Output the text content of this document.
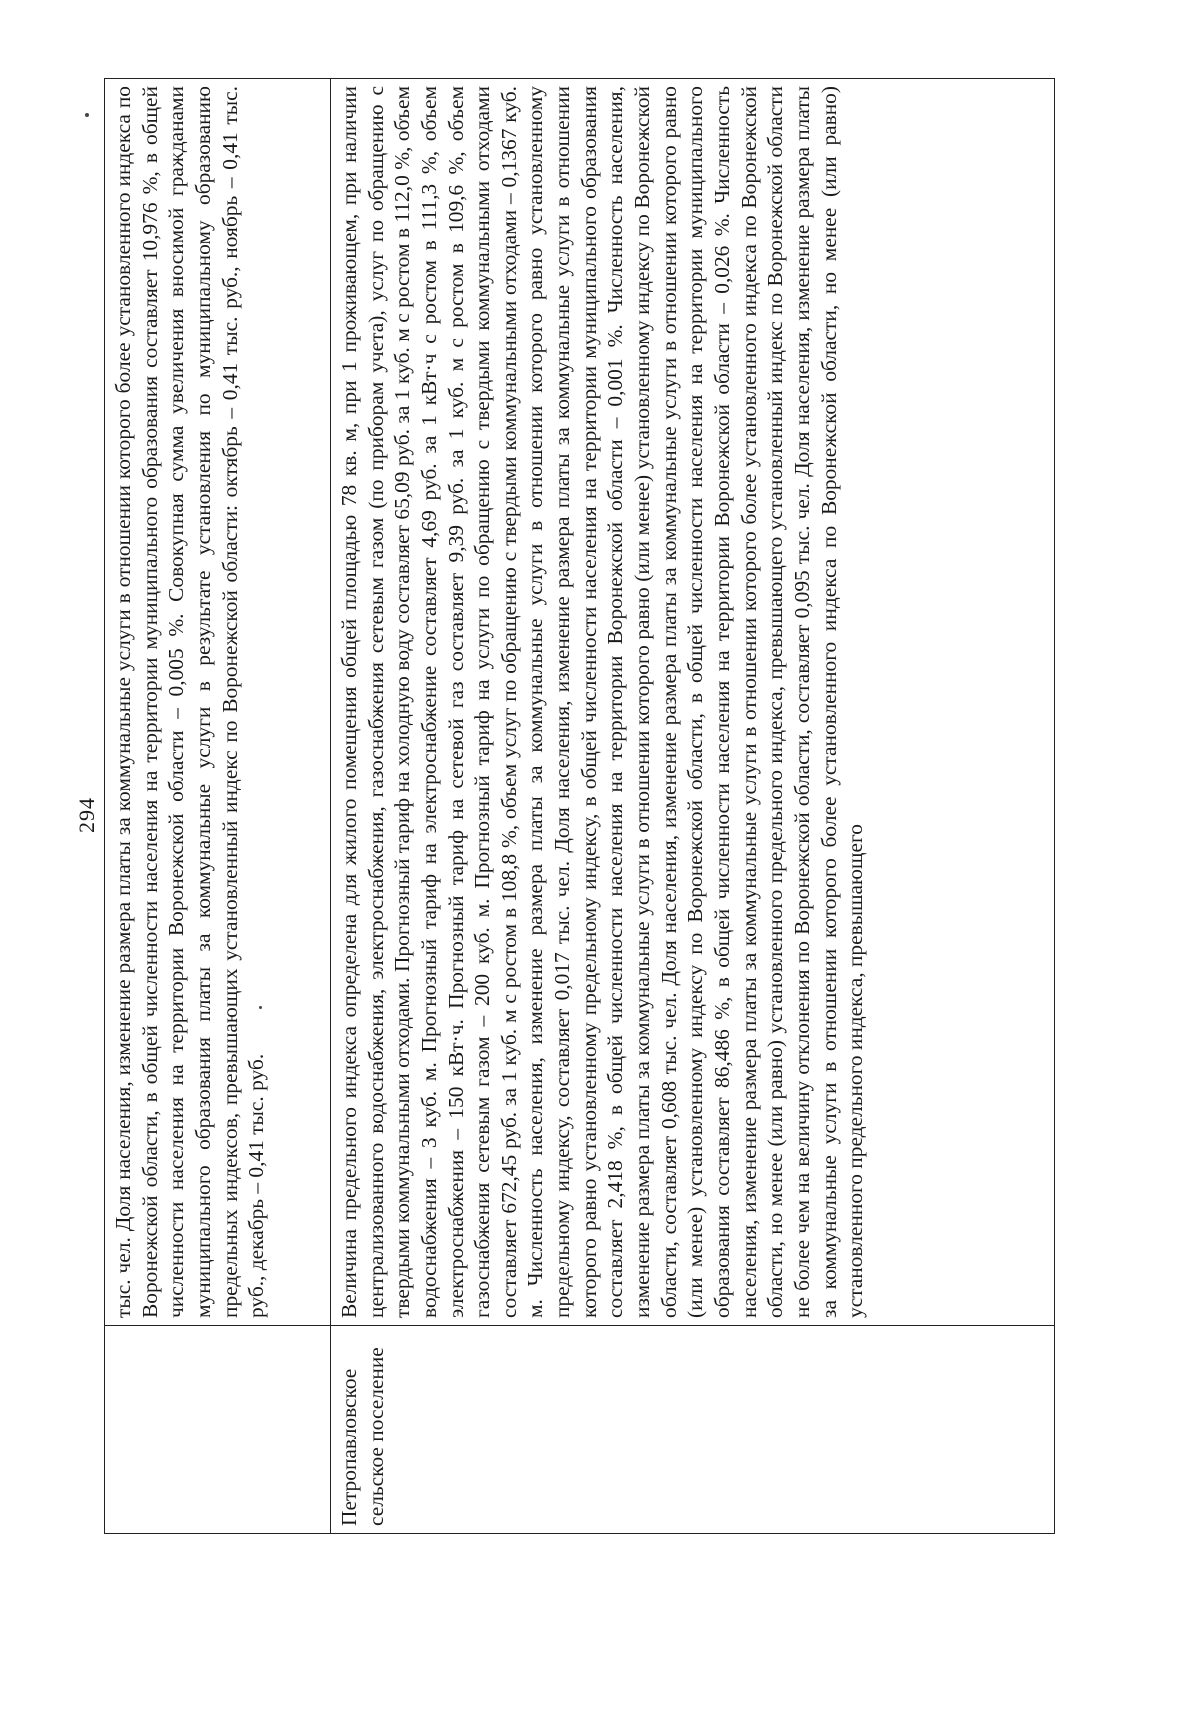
294
	тыс. чел. Доля населения, изменение размера платы за коммунальные услуги в отношении которого более установленного индекса по Воронежской области, в общей численности населения на территории муниципального образования составляет 10,976 %, в общей численности населения на территории Воронежской области – 0,005 %. Совокупная сумма увеличения вносимой гражданами муниципального образования платы за коммунальные услуги в результате установления по муниципальному образованию предельных индексов, превышающих установленный индекс по Воронежской области: октябрь – 0,41 тыс. руб., ноябрь – 0,41 тыс. руб., декабрь – 0,41 тыс. руб.
Петропавловское сельское поселение	Величина предельного индекса определена для жилого помещения общей площадью 78 кв. м, при 1 проживающем, при наличии централизованного водоснабжения, электроснабжения, газоснабжения сетевым газом (по приборам учета), услуг по обращению с твердыми коммунальными отходами. Прогнозный тариф на холодную воду составляет 65,09 руб. за 1 куб. м с ростом в 112,0 %, объем водоснабжения – 3 куб. м. Прогнозный тариф на электроснабжение составляет 4,69 руб. за 1 кВт·ч с ростом в 111,3 %, объем электроснабжения – 150 кВт·ч. Прогнозный тариф на сетевой газ составляет 9,39 руб. за 1 куб. м с ростом в 109,6 %, объем газоснабжения сетевым газом – 200 куб. м. Прогнозный тариф на услуги по обращению с твердыми коммунальными отходами составляет 672,45 руб. за 1 куб. м с ростом в 108,8 %, объем услуг по обращению с твердыми коммунальными отходами – 0,1367 куб. м. Численность населения, изменение размера платы за коммунальные услуги в отношении которого равно установленному предельному индексу, составляет 0,017 тыс. чел. Доля населения, изменение размера платы за коммунальные услуги в отношении которого равно установленному предельному индексу, в общей численности населения на территории муниципального образования составляет 2,418 %, в общей численности населения на территории Воронежской области – 0,001 %. Численность населения, изменение размера платы за коммунальные услуги в отношении которого равно (или менее) установленному индексу по Воронежской области, составляет 0,608 тыс. чел. Доля населения, изменение размера платы за коммунальные услуги в отношении которого равно (или менее) установленному индексу по Воронежской области, в общей численности населения на территории муниципального образования составляет 86,486 %, в общей численности населения на территории Воронежской области – 0,026 %. Численность населения, изменение размера платы за коммунальные услуги в отношении которого более установленного индекса по Воронежской области, но менее (или равно) установленного предельного индекса, превышающего установленный индекс по Воронежской области не более чем на величину отклонения по Воронежской области, составляет 0,095 тыс. чел. Доля населения, изменение размера платы за коммунальные услуги в отношении которого более установленного индекса по Воронежской области, но менее (или равно) установленного предельного индекса, превышающего
